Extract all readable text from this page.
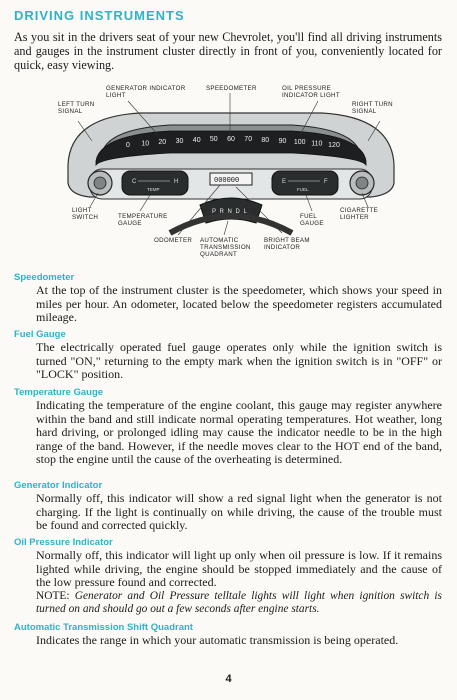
DRIVING INSTRUMENTS
As you sit in the drivers seat of your new Chevrolet, you'll find all driving instruments and gauges in the instrument cluster directly in front of you, conveniently located for quick, easy viewing.
0 10 20 30 40 50 60 70 80 90 100 110 120
C	H
TEMP
E	F
FUEL
000000
P R N D L
LEFT TURN
SIGNAL
GENERATOR INDICATOR
LIGHT
SPEEDOMETER	OIL PRESSURE
INDICATOR LIGHT
RIGHT TURN
SIGNAL
LIGHT
SWITCH	TEMPERATURE
GAUGE
ODOMETER AUTOMATIC
TRANSMISSION
QUADRANT
BRIGHT BEAM
INDICATOR
FUEL
GAUGE
CIGARETTE
LIGHTER
Speedometer
At the top of the instrument cluster is the speedometer, which shows your speed in miles per hour. An odometer, located below the speedometer registers accumulated mileage.
Fuel Gauge
The electrically operated fuel gauge operates only while the ignition switch is turned "ON," returning to the empty mark when the ignition switch is in "OFF" or "LOCK" position.
Temperature Gauge
Indicating the temperature of the engine coolant, this gauge may register anywhere within the band and still indicate normal operating temperatures. Hot weather, long hard driving, or prolonged idling may cause the indicator needle to be in the high range of the band. However, if the needle moves clear to the HOT end of the band, stop the engine until the cause of the overheating is determined.
Generator Indicator
Normally off, this indicator will show a red signal light when the generator is not charging. If the light is continually on while driving, the cause of the trouble must be found and corrected quickly.
Oil Pressure Indicator
Normally off, this indicator will light up only when oil pressure is low. If it remains lighted while driving, the engine should be stopped immediately and the cause of the low pressure found and corrected.
NOTE: Generator and Oil Pressure telltale lights will light when ignition switch is turned on and should go out a few seconds after engine starts.
Automatic Transmission Shift Quadrant
Indicates the range in which your automatic transmission is being operated.
4
